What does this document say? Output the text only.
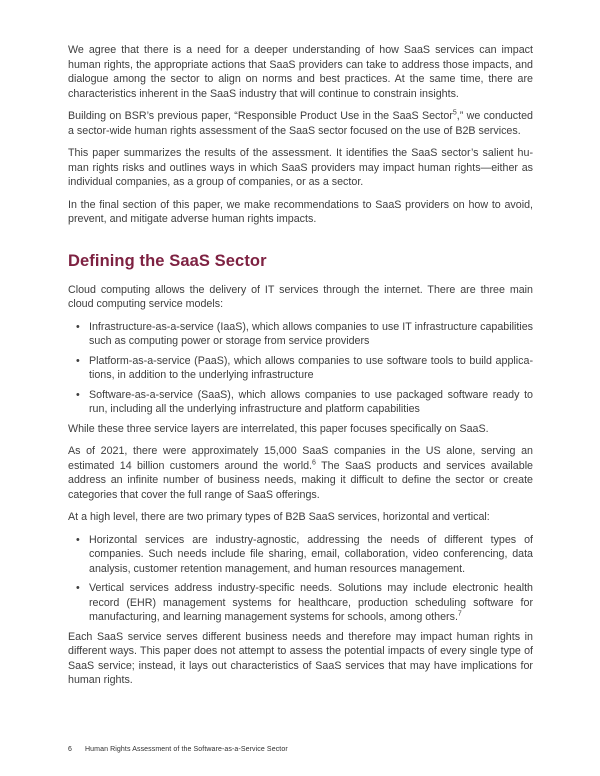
We agree that there is a need for a deeper understanding of how SaaS services can impact human rights, the appropriate actions that SaaS providers can take to address those impacts, and dialogue among the sector to align on norms and best practices. At the same time, there are characteristics inherent in the SaaS industry that will continue to constrain insights.

Building on BSR’s previous paper, “Responsible Product Use in the SaaS Sector$^5$,” we conducted a sector-wide human rights assessment of the SaaS sector focused on the use of B2B services.

This paper summarizes the results of the assessment. It identifies the SaaS sector’s salient human rights risks and outlines ways in which SaaS providers may impact human rights—either as individual companies, as a group of companies, or as a sector.

In the final section of this paper, we make recommendations to SaaS providers on how to avoid, prevent, and mitigate adverse human rights impacts.

Defining the SaaS Sector

Cloud computing allows the delivery of IT services through the internet. There are three main cloud computing service models:

• Infrastructure-as-a-service (IaaS), which allows companies to use IT infrastructure capabilities such as computing power or storage from service providers
• Platform-as-a-service (PaaS), which allows companies to use software tools to build applications, in addition to the underlying infrastructure
• Software-as-a-service (SaaS), which allows companies to use packaged software ready to run, including all the underlying infrastructure and platform capabilities

While these three service layers are interrelated, this paper focuses specifically on SaaS.

As of 2021, there were approximately 15,000 SaaS companies in the US alone, serving an estimated 14 billion customers around the world.$^6$ The SaaS products and services available address an infinite number of business needs, making it difficult to define the sector or create categories that cover the full range of SaaS offerings.

At a high level, there are two primary types of B2B SaaS services, horizontal and vertical:

• Horizontal services are industry-agnostic, addressing the needs of different types of companies. Such needs include file sharing, email, collaboration, video conferencing, data analysis, customer retention management, and human resources management.
• Vertical services address industry-specific needs. Solutions may include electronic health record (EHR) management systems for healthcare, production scheduling software for manufacturing, and learning management systems for schools, among others.$^7$

Each SaaS service serves different business needs and therefore may impact human rights in different ways. This paper does not attempt to assess the potential impacts of every single type of SaaS service; instead, it lays out characteristics of SaaS services that may have implications for human rights.

6 Human Rights Assessment of the Software-as-a-Service Sector
